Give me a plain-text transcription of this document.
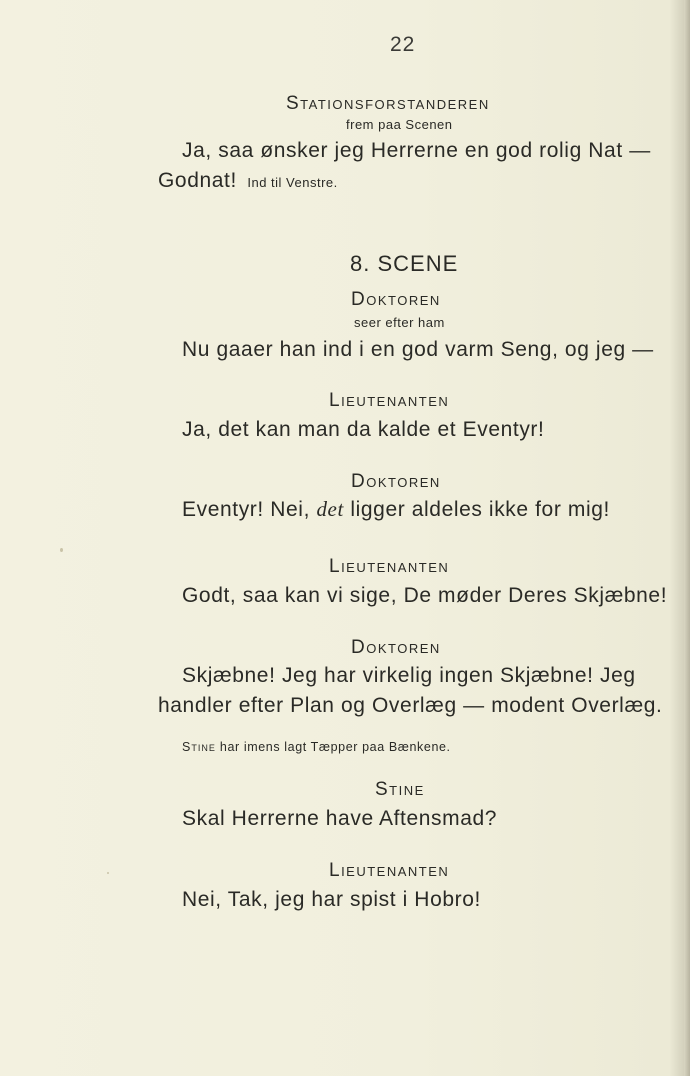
22
Stationsforstanderen
frem paa Scenen
Ja, saa ønsker jeg Herrerne en god rolig Nat —
Godnat! Ind til Venstre.
8. SCENE
Doktoren
seer efter ham
Nu gaaer han ind i en god varm Seng, og jeg —
Lieutenanten
Ja, det kan man da kalde et Eventyr!
Doktoren
Eventyr! Nei, det ligger aldeles ikke for mig!
Lieutenanten
Godt, saa kan vi sige, De møder Deres Skjæbne!
Doktoren
Skjæbne! Jeg har virkelig ingen Skjæbne! Jeg
handler efter Plan og Overlæg — modent Overlæg.
Stine har imens lagt Tæpper paa Bænkene.
Stine
Skal Herrerne have Aftensmad?
Lieutenanten
Nei, Tak, jeg har spist i Hobro!
